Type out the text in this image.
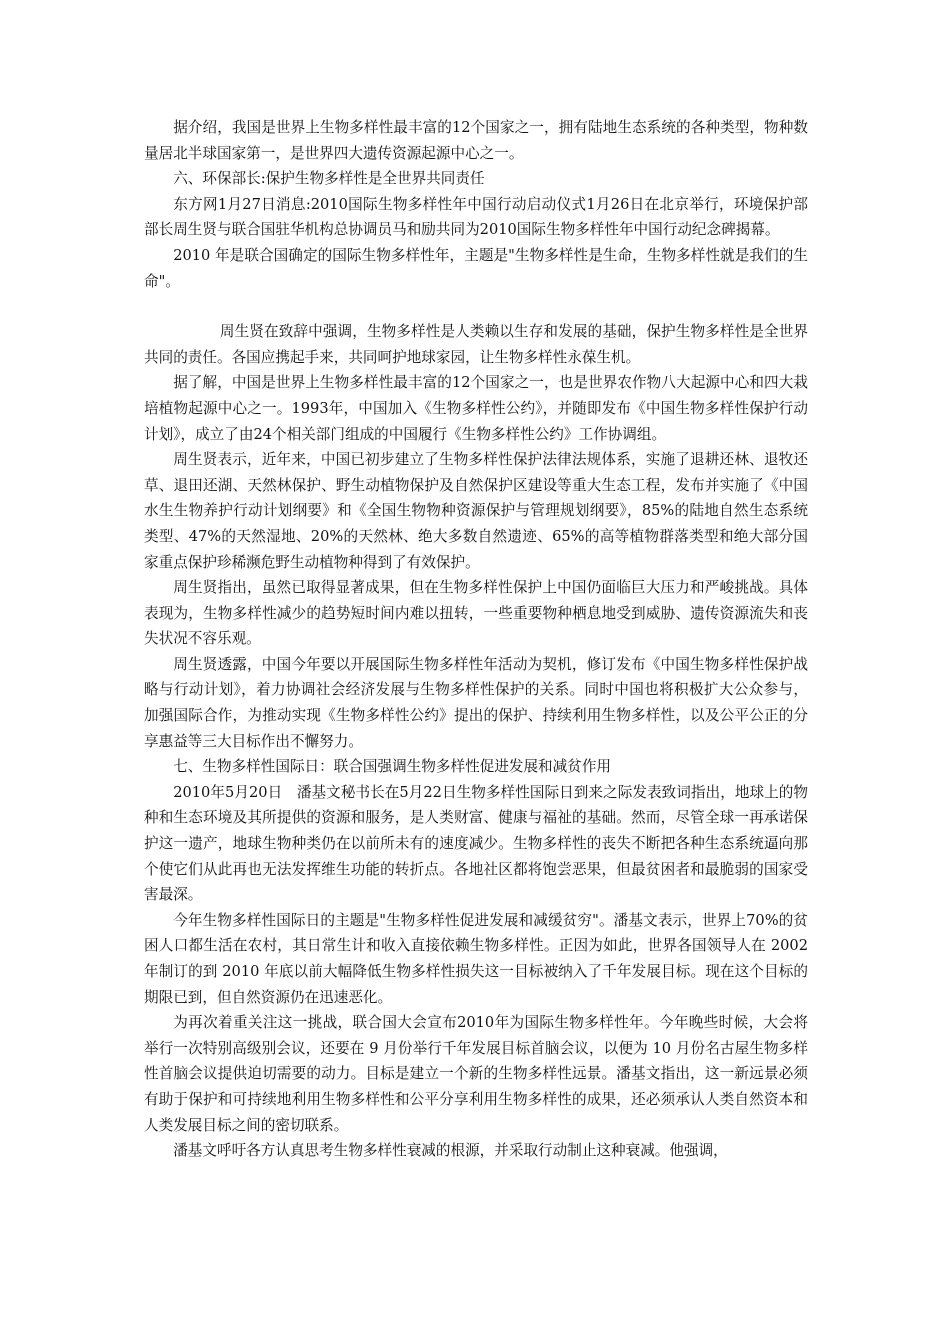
据介绍，我国是世界上生物多样性最丰富的12个国家之一，拥有陆地生态系统的各种类型，物种数量居北半球国家第一，是世界四大遗传资源起源中心之一。

六、环保部长:保护生物多样性是全世界共同责任

东方网1月27日消息:2010国际生物多样性年中国行动启动仪式1月26日在北京举行，环境保护部部长周生贤与联合国驻华机构总协调员马和励共同为2010国际生物多样性年中国行动纪念碑揭幕。

2010 年是联合国确定的国际生物多样性年，主题是"生物多样性是生命，生物多样性就是我们的生命"。

周生贤在致辞中强调，生物多样性是人类赖以生存和发展的基础，保护生物多样性是全世界共同的责任。各国应携起手来，共同呵护地球家园，让生物多样性永葆生机。

据了解，中国是世界上生物多样性最丰富的12个国家之一，也是世界农作物八大起源中心和四大栽培植物起源中心之一。1993年，中国加入《生物多样性公约》，并随即发布《中国生物多样性保护行动计划》，成立了由24个相关部门组成的中国履行《生物多样性公约》工作协调组。

周生贤表示，近年来，中国已初步建立了生物多样性保护法律法规体系，实施了退耕还林、退牧还草、退田还湖、天然林保护、野生动植物保护及自然保护区建设等重大生态工程，发布并实施了《中国水生生物养护行动计划纲要》和《全国生物物种资源保护与管理规划纲要》，85%的陆地自然生态系统类型、47%的天然湿地、20%的天然林、绝大多数自然遗迹、65%的高等植物群落类型和绝大部分国家重点保护珍稀濒危野生动植物种得到了有效保护。

周生贤指出，虽然已取得显著成果，但在生物多样性保护上中国仍面临巨大压力和严峻挑战。具体表现为，生物多样性减少的趋势短时间内难以扭转，一些重要物种栖息地受到威胁、遗传资源流失和丧失状况不容乐观。

周生贤透露，中国今年要以开展国际生物多样性年活动为契机，修订发布《中国生物多样性保护战略与行动计划》，着力协调社会经济发展与生物多样性保护的关系。同时中国也将积极扩大公众参与，加强国际合作，为推动实现《生物多样性公约》提出的保护、持续利用生物多样性，以及公平公正的分享惠益等三大目标作出不懈努力。

七、生物多样性国际日：联合国强调生物多样性促进发展和减贫作用

2010年5月20日　潘基文秘书长在5月22日生物多样性国际日到来之际发表致词指出，地球上的物种和生态环境及其所提供的资源和服务，是人类财富、健康与福祉的基础。然而，尽管全球一再承诺保护这一遗产，地球生物种类仍在以前所未有的速度减少。生物多样性的丧失不断把各种生态系统逼向那个使它们从此再也无法发挥维生功能的转折点。各地社区都将饱尝恶果，但最贫困者和最脆弱的国家受害最深。

今年生物多样性国际日的主题是"生物多样性促进发展和减缓贫穷"。潘基文表示，世界上70%的贫困人口都生活在农村，其日常生计和收入直接依赖生物多样性。正因为如此，世界各国领导人在 2002 年制订的到 2010 年底以前大幅降低生物多样性损失这一目标被纳入了千年发展目标。现在这个目标的期限已到，但自然资源仍在迅速恶化。

为再次着重关注这一挑战，联合国大会宣布2010年为国际生物多样性年。今年晚些时候，大会将举行一次特别高级别会议，还要在 9 月份举行千年发展目标首脑会议，以便为 10 月份名古屋生物多样性首脑会议提供迫切需要的动力。目标是建立一个新的生物多样性远景。潘基文指出，这一新远景必须有助于保护和可持续地利用生物多样性和公平分享利用生物多样性的成果，还必须承认人类自然资本和人类发展目标之间的密切联系。

潘基文呼吁各方认真思考生物多样性衰减的根源，并采取行动制止这种衰减。他强调，
